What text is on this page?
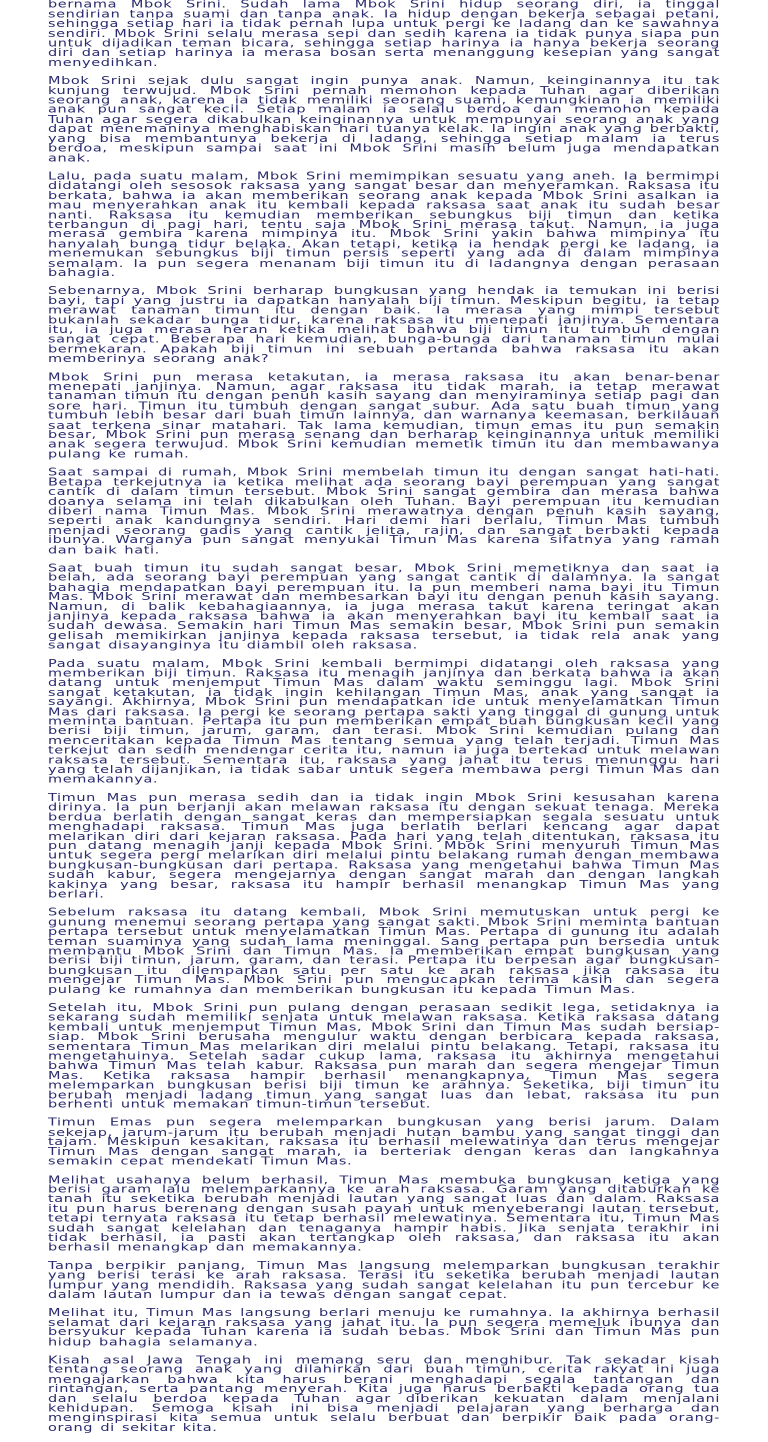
bernama Mbok Srini. Sudah lama Mbok Srini hidup seorang diri, ia tinggal sendirian tanpa suami dan tanpa anak. Ia hidup dengan bekerja sebagai petani, sehingga setiap hari ia tidak pernah lupa untuk pergi ke ladang dan ke sawahnya sendiri. Mbok Srini selalu merasa sepi dan sedih karena ia tidak punya siapa pun untuk dijadikan teman bicara, sehingga setiap harinya ia hanya bekerja seorang diri dan setiap harinya ia merasa bosan serta menanggung kesepian yang sangat menyedihkan.

Mbok Srini sejak dulu sangat ingin punya anak. Namun, keinginannya itu tak kunjung terwujud. Mbok Srini pernah memohon kepada Tuhan agar diberikan seorang anak, karena ia tidak memiliki seorang suami, kemungkinan ia memiliki anak pun sangat kecil. Setiap malam ia selalu berdoa dan memohon kepada Tuhan agar segera dikabulkan keinginannya untuk mempunyai seorang anak yang dapat menemaninya menghabiskan hari tuanya kelak. Ia ingin anak yang berbakti, yang bisa membantunya bekerja di ladang, sehingga setiap malam ia terus berdoa, meskipun sampai saat ini Mbok Srini masih belum juga mendapatkan anak.

Lalu, pada suatu malam, Mbok Srini memimpikan sesuatu yang aneh. Ia bermimpi didatangi oleh sesosok raksasa yang sangat besar dan menyeramkan. Raksasa itu berkata, bahwa ia akan memberikan seorang anak kepada Mbok Srini asalkan ia mau menyerahkan anak itu kembali kepada raksasa saat anak itu sudah besar nanti. Raksasa itu kemudian memberikan sebungkus biji timun dan ketika terbangun di pagi hari, tentu saja Mbok Srini merasa takut. Namun, ia juga merasa gembira karena mimpinya itu. Mbok Srini yakin bahwa mimpinya itu hanyalah bunga tidur belaka. Akan tetapi, ketika ia hendak pergi ke ladang, ia menemukan sebungkus biji timun persis seperti yang ada di dalam mimpinya semalam. Ia pun segera menanam biji timun itu di ladangnya dengan perasaan bahagia.

Sebenarnya, Mbok Srini berharap bungkusan yang hendak ia temukan ini berisi bayi, tapi yang justru ia dapatkan hanyalah biji timun. Meskipun begitu, ia tetap merawat tanaman timun itu dengan baik. Ia merasa yang mimpi tersebut bukanlah sekadar bunga tidur, karena raksasa itu menepati janjinya. Sementara itu, ia juga merasa heran ketika melihat bahwa biji timun itu tumbuh dengan sangat cepat. Beberapa hari kemudian, bunga-bunga dari tanaman timun mulai bermekaran. Apakah biji timun ini sebuah pertanda bahwa raksasa itu akan memberinya seorang anak?

Mbok Srini pun merasa ketakutan, ia merasa raksasa itu akan benar-benar menepati janjinya. Namun, agar raksasa itu tidak marah, ia tetap merawat tanaman timun itu dengan penuh kasih sayang dan menyiraminya setiap pagi dan sore hari. Timun itu tumbuh dengan sangat subur. Ada satu buah timun yang tumbuh lebih besar dari buah timun lainnya, dan warnanya keemasan, berkilauan saat terkena sinar matahari. Tak lama kemudian, timun emas itu pun semakin besar, Mbok Srini pun merasa senang dan berharap keinginannya untuk memiliki anak segera terwujud. Mbok Srini kemudian memetik timun itu dan membawanya pulang ke rumah.

Saat sampai di rumah, Mbok Srini membelah timun itu dengan sangat hati-hati. Betapa terkejutnya ia ketika melihat ada seorang bayi perempuan yang sangat cantik di dalam timun tersebut. Mbok Srini sangat gembira dan merasa bahwa doanya selama ini telah dikabulkan oleh Tuhan. Bayi perempuan itu kemudian diberi nama Timun Mas. Mbok Srini merawatnya dengan penuh kasih sayang, seperti anak kandungnya sendiri. Hari demi hari berlalu, Timun Mas tumbuh menjadi seorang gadis yang cantik jelita, rajin, dan sangat berbakti kepada ibunya. Warganya pun sangat menyukai Timun Mas karena sifatnya yang ramah dan baik hati.

Saat buah timun itu sudah sangat besar, Mbok Srini memetiknya dan saat ia belah, ada seorang bayi perempuan yang sangat cantik di dalamnya. Ia sangat bahagia mendapatkan bayi perempuan itu. Ia pun memberi nama bayi itu Timun Mas. Mbok Srini merawat dan membesarkan bayi itu dengan penuh kasih sayang. Namun, di balik kebahagiaannya, ia juga merasa takut karena teringat akan janjinya kepada raksasa bahwa ia akan menyerahkan bayi itu kembali saat ia sudah dewasa. Semakin hari Timun Mas semakin besar, Mbok Srini pun semakin gelisah memikirkan janjinya kepada raksasa tersebut, ia tidak rela anak yang sangat disayanginya itu diambil oleh raksasa.

Pada suatu malam, Mbok Srini kembali bermimpi didatangi oleh raksasa yang memberikan biji timun. Raksasa itu menagih janjinya dan berkata bahwa ia akan datang untuk menjemput Timun Mas dalam waktu seminggu lagi. Mbok Srini sangat ketakutan, ia tidak ingin kehilangan Timun Mas, anak yang sangat ia sayangi. Akhirnya, Mbok Srini pun mendapatkan ide untuk menyelamatkan Timun Mas dari raksasa. Ia pergi ke seorang pertapa sakti yang tinggal di gunung untuk meminta bantuan. Pertapa itu pun memberikan empat buah bungkusan kecil yang berisi biji timun, jarum, garam, dan terasi. Mbok Srini kemudian pulang dan menceritakan kepada Timun Mas tentang semua yang telah terjadi. Timun Mas terkejut dan sedih mendengar cerita itu, namun ia juga bertekad untuk melawan raksasa tersebut. Sementara itu, raksasa yang jahat itu terus menunggu hari yang telah dijanjikan, ia tidak sabar untuk segera membawa pergi Timun Mas dan memakannya.

Timun Mas pun merasa sedih dan ia tidak ingin Mbok Srini kesusahan karena dirinya. Ia pun berjanji akan melawan raksasa itu dengan sekuat tenaga. Mereka berdua berlatih dengan sangat keras dan mempersiapkan segala sesuatu untuk menghadapi raksasa. Timun Mas juga berlatih berlari kencang agar dapat melarikan diri dari kejaran raksasa. Pada hari yang telah ditentukan, raksasa itu pun datang menagih janji kepada Mbok Srini. Mbok Srini menyuruh Timun Mas untuk segera pergi melarikan diri melalui pintu belakang rumah dengan membawa bungkusan-bungkusan dari pertapa. Raksasa yang mengetahui bahwa Timun Mas sudah kabur, segera mengejarnya dengan sangat marah dan dengan langkah kakinya yang besar, raksasa itu hampir berhasil menangkap Timun Mas yang berlari.

Sebelum raksasa itu datang kembali, Mbok Srini memutuskan untuk pergi ke gunung menemui seorang pertapa yang sangat sakti. Mbok Srini meminta bantuan pertapa tersebut untuk menyelamatkan Timun Mas. Pertapa di gunung itu adalah teman suaminya yang sudah lama meninggal. Sang pertapa pun bersedia untuk membantu Mbok Srini dan Timun Mas. Ia memberikan empat bungkusan yang berisi biji timun, jarum, garam, dan terasi. Pertapa itu berpesan agar bungkusan-bungkusan itu dilemparkan satu per satu ke arah raksasa jika raksasa itu mengejar Timun Mas. Mbok Srini pun mengucapkan terima kasih dan segera pulang ke rumahnya dan memberikan bungkusan itu kepada Timun Mas.

Setelah itu, Mbok Srini pun pulang dengan perasaan sedikit lega, setidaknya ia sekarang sudah memiliki senjata untuk melawan raksasa. Ketika raksasa datang kembali untuk menjemput Timun Mas, Mbok Srini dan Timun Mas sudah bersiap-siap. Mbok Srini berusaha mengulur waktu dengan berbicara kepada raksasa, sementara Timun Mas melarikan diri melalui pintu belakang. Tetapi, raksasa itu mengetahuinya. Setelah sadar cukup lama, raksasa itu akhirnya mengetahui bahwa Timun Mas telah kabur. Raksasa pun marah dan segera mengejar Timun Mas. Ketika raksasa hampir berhasil menangkapnya, Timun Mas segera melemparkan bungkusan berisi biji timun ke arahnya. Seketika, biji timun itu berubah menjadi ladang timun yang sangat luas dan lebat, raksasa itu pun berhenti untuk memakan timun-timun tersebut.

Timun Emas pun segera melemparkan bungkusan yang berisi jarum. Dalam sekejap, jarum-jarum itu berubah menjadi hutan bambu yang sangat tinggi dan tajam. Meskipun kesakitan, raksasa itu berhasil melewatinya dan terus mengejar Timun Mas dengan sangat marah, ia berteriak dengan keras dan langkahnya semakin cepat mendekati Timun Mas.

Melihat usahanya belum berhasil, Timun Mas membuka bungkusan ketiga yang berisi garam lalu melemparkannya ke arah raksasa. Garam yang ditaburkan ke tanah itu seketika berubah menjadi lautan yang sangat luas dan dalam. Raksasa itu pun harus berenang dengan susah payah untuk menyeberangi lautan tersebut, tetapi ternyata raksasa itu tetap berhasil melewatinya. Sementara itu, Timun Mas sudah sangat kelelahan dan tenaganya hampir habis. Jika senjata terakhir ini tidak berhasil, ia pasti akan tertangkap oleh raksasa, dan raksasa itu akan berhasil menangkap dan memakannya.

Tanpa berpikir panjang, Timun Mas langsung melemparkan bungkusan terakhir yang berisi terasi ke arah raksasa. Terasi itu seketika berubah menjadi lautan lumpur yang mendidih. Raksasa yang sudah sangat kelelahan itu pun tercebur ke dalam lautan lumpur dan ia tewas dengan sangat cepat.

Melihat itu, Timun Mas langsung berlari menuju ke rumahnya. Ia akhirnya berhasil selamat dari kejaran raksasa yang jahat itu. Ia pun segera memeluk ibunya dan bersyukur kepada Tuhan karena ia sudah bebas. Mbok Srini dan Timun Mas pun hidup bahagia selamanya.

Kisah asal Jawa Tengah ini memang seru dan menghibur. Tak sekadar kisah tentang seorang anak yang dilahirkan dari buah timun, cerita rakyat ini juga mengajarkan bahwa kita harus berani menghadapi segala tantangan dan rintangan, serta pantang menyerah. Kita juga harus berbakti kepada orang tua dan selalu berdoa kepada Tuhan agar diberikan kekuatan dalam menjalani kehidupan. Semoga kisah ini bisa menjadi pelajaran yang berharga dan menginspirasi kita semua untuk selalu berbuat dan berpikir baik pada orang-orang di sekitar kita.
